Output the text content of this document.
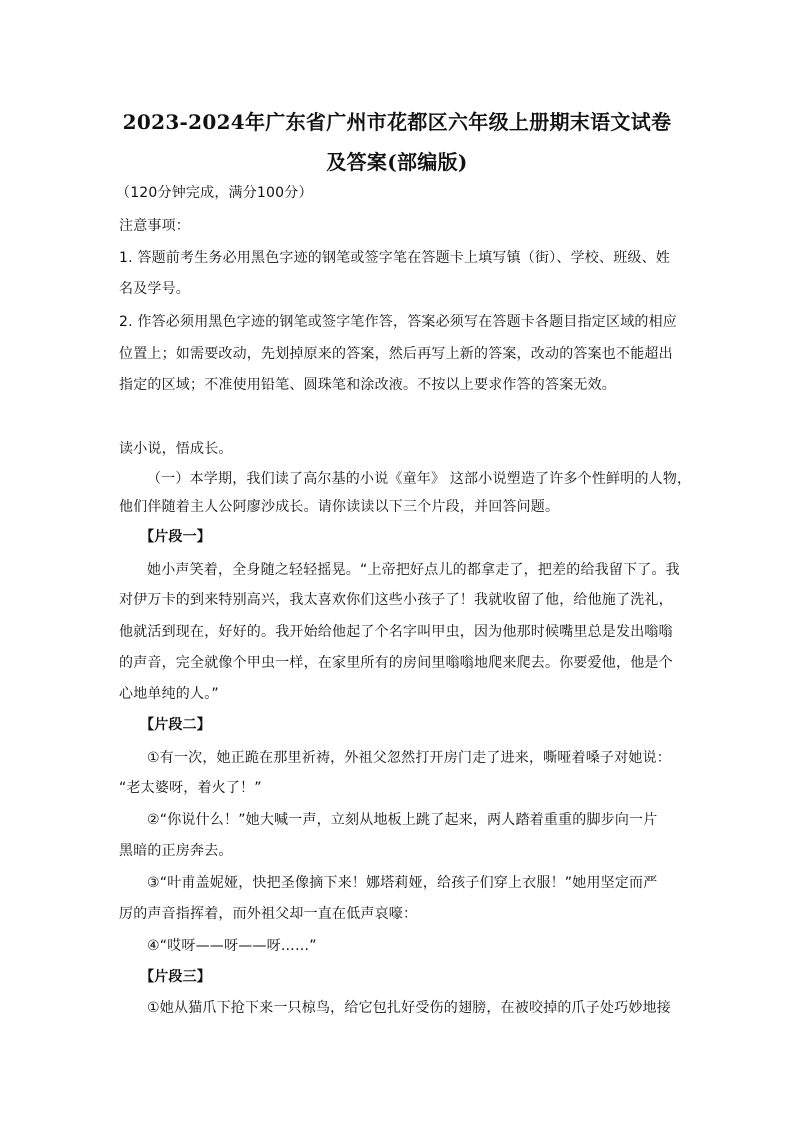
2023-2024年广东省广州市花都区六年级上册期末语文试卷
及答案(部编版)
（120分钟完成，满分100分）
注意事项：
1. 答题前考生务必用黑色字迹的钢笔或签字笔在答题卡上填写镇（街）、学校、班级、姓
名及学号。
2. 作答必须用黑色字迹的钢笔或签字笔作答，答案必须写在答题卡各题目指定区域的相应
位置上；如需要改动，先划掉原来的答案，然后再写上新的答案，改动的答案也不能超出
指定的区域；不准使用铅笔、圆珠笔和涂改液。不按以上要求作答的答案无效。
读小说，悟成长。
（一）本学期，我们读了高尔基的小说《童年》 这部小说塑造了许多个性鲜明的人物，
他们伴随着主人公阿廖沙成长。请你读读以下三个片段，并回答问题。
【片段一】
她小声笑着，全身随之轻轻摇晃。“上帝把好点儿的都拿走了，把差的给我留下了。我
对伊万卡的到来特别高兴，我太喜欢你们这些小孩子了！我就收留了他，给他施了洗礼，
他就活到现在，好好的。我开始给他起了个名字叫甲虫，因为他那时候嘴里总是发出嗡嗡
的声音，完全就像个甲虫一样，在家里所有的房间里嗡嗡地爬来爬去。你要爱他，他是个
心地单纯的人。”
【片段二】
①有一次，她正跪在那里祈祷，外祖父忽然打开房门走了进来，嘶哑着嗓子对她说：
“老太婆呀，着火了！”
②“你说什么！”她大喊一声，立刻从地板上跳了起来，两人踏着重重的脚步向一片
黑暗的正房奔去。
③“叶甫盖妮娅，快把圣像摘下来！娜塔莉娅，给孩子们穿上衣服！”她用坚定而严
厉的声音指挥着，而外祖父却一直在低声哀嚎：
④“哎呀——呀——呀……”
【片段三】
①她从猫爪下抢下来一只椋鸟，给它包扎好受伤的翅膀，在被咬掉的爪子处巧妙地接
